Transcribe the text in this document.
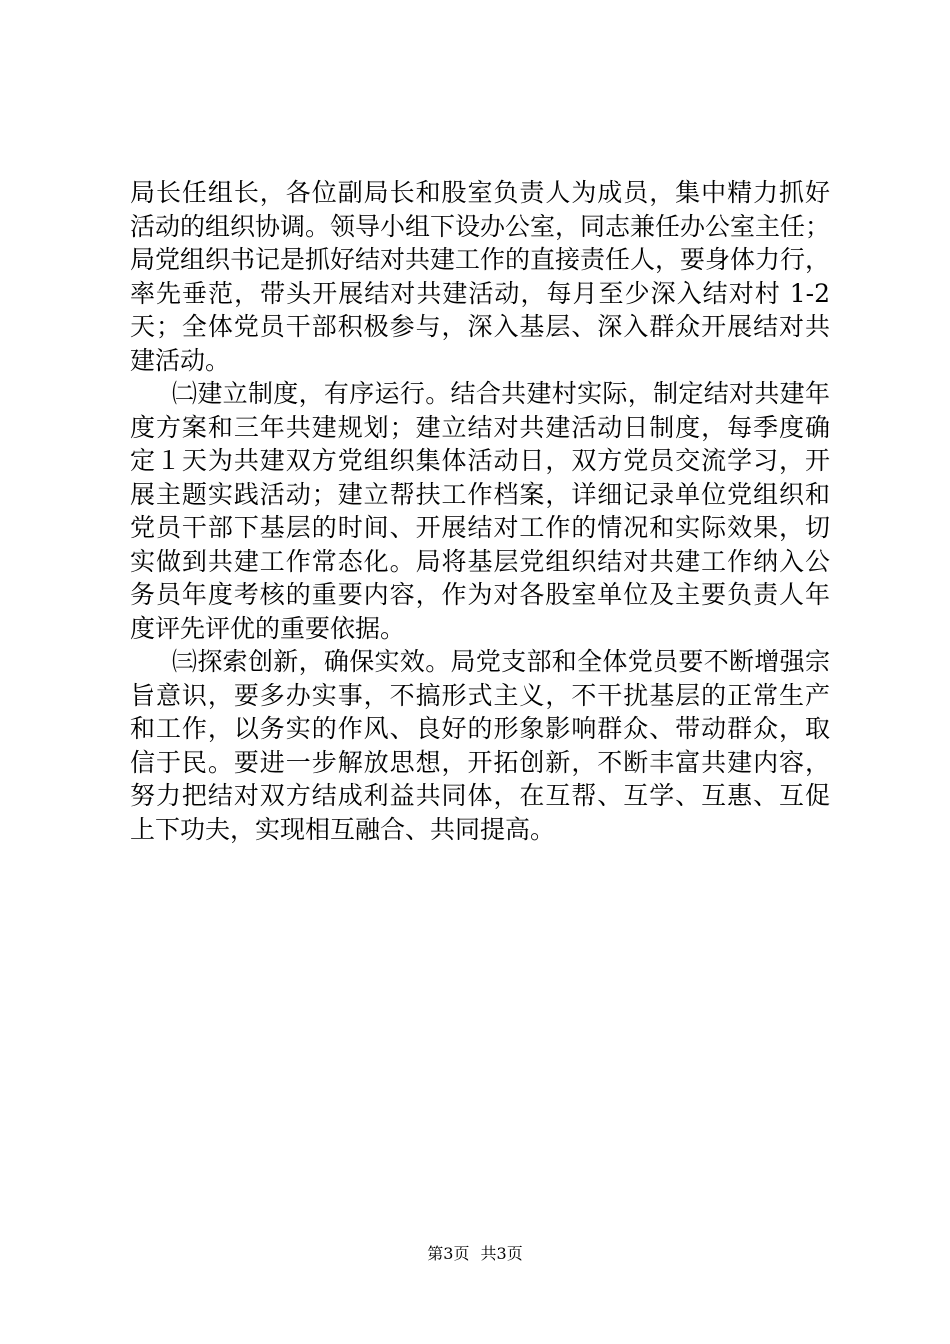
局长任组长，各位副局长和股室负责人为成员，集中精力抓好
活动的组织协调。领导小组下设办公室，同志兼任办公室主任；
局党组织书记是抓好结对共建工作的直接责任人，要身体力行，
率先垂范，带头开展结对共建活动，每月至少深入结对村 1-2
天；全体党员干部积极参与，深入基层、深入群众开展结对共
建活动。
㈡建立制度，有序运行。结合共建村实际，制定结对共建年
度方案和三年共建规划；建立结对共建活动日制度，每季度确
定１天为共建双方党组织集体活动日，双方党员交流学习，开
展主题实践活动；建立帮扶工作档案，详细记录单位党组织和
党员干部下基层的时间、开展结对工作的情况和实际效果，切
实做到共建工作常态化。局将基层党组织结对共建工作纳入公
务员年度考核的重要内容，作为对各股室单位及主要负责人年
度评先评优的重要依据。
㈢探索创新，确保实效。局党支部和全体党员要不断增强宗
旨意识，要多办实事，不搞形式主义，不干扰基层的正常生产
和工作，以务实的作风、良好的形象影响群众、带动群众，取
信于民。要进一步解放思想，开拓创新，不断丰富共建内容，
努力把结对双方结成利益共同体，在互帮、互学、互惠、互促
上下功夫，实现相互融合、共同提高。
第3页 共3页
